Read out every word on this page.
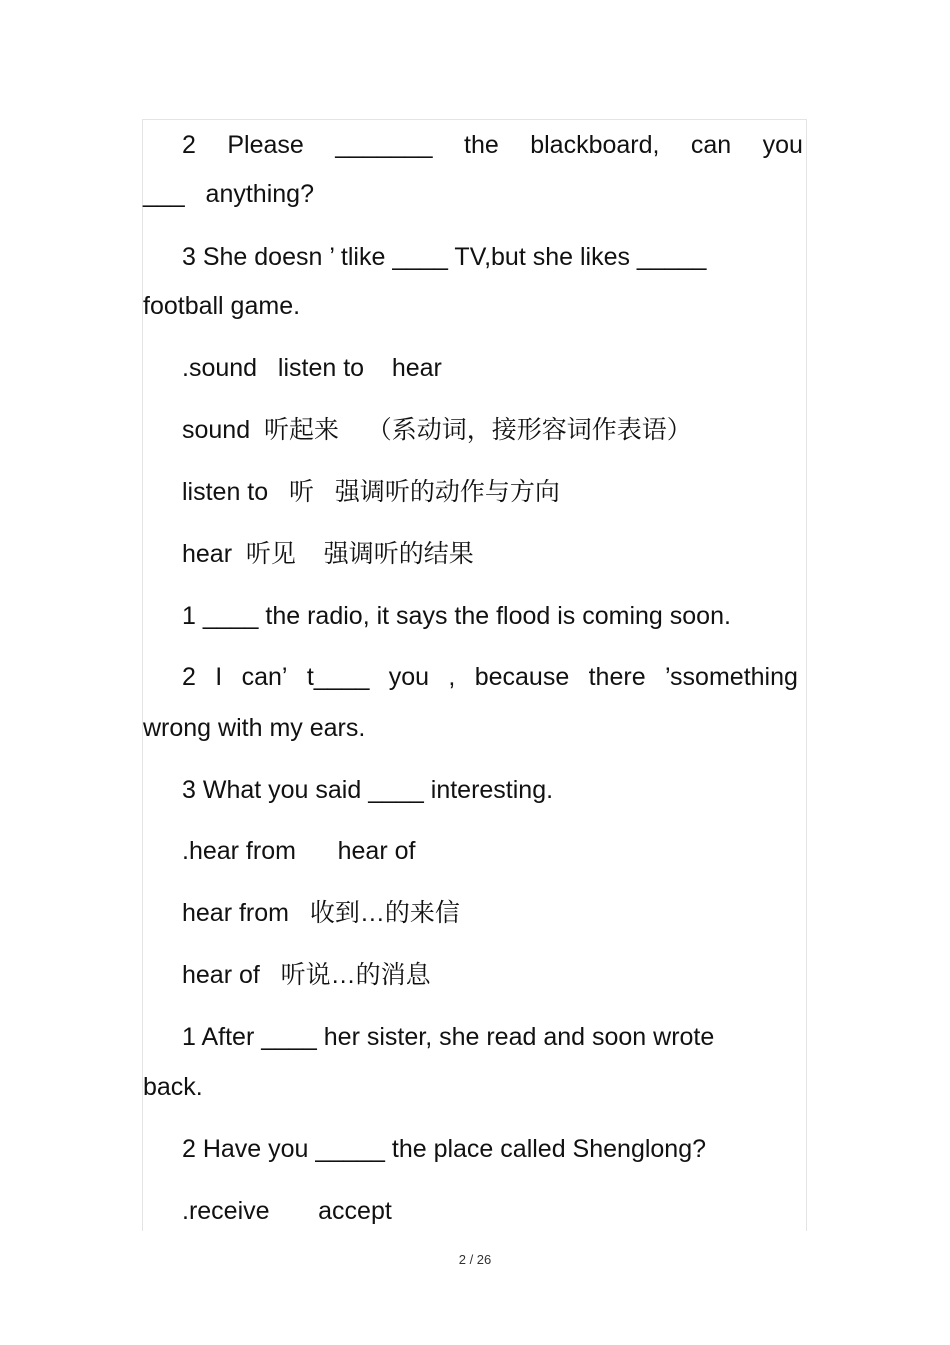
2 Please _______ the blackboard, can you

___   anything?

3 She doesn ’ tlike ____ TV,but she likes _____

football game.

.sound   listen to    hear

sound  听起来    （系动词，接形容词作表语）

listen to   听   强调听的动作与方向

hear  听见    强调听的结果

1 ____ the radio, it says the flood is coming soon.

2 I can’ t____ you , because there ’ssomething

wrong with my ears.

3 What you said ____ interesting.

.hear from      hear of

hear from   收到…的来信

hear of   听说…的消息

1 After ____ her sister, she read and soon wrote

back.

2 Have you _____ the place called Shenglong?

.receive       accept

2 / 26
